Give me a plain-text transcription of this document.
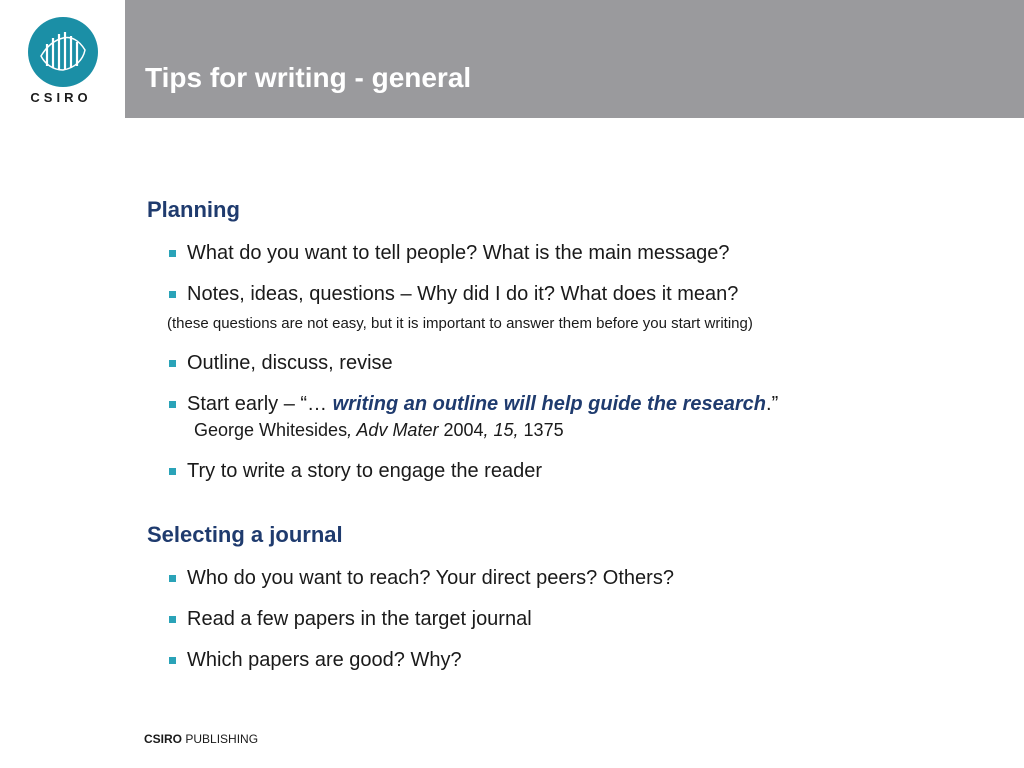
CSIRO
Tips for writing - general
Planning
What do you want to tell people? What is the main message?
Notes, ideas, questions – Why did I do it? What does it mean?
(these questions are not easy, but it is important to answer them before you start writing)
Outline, discuss, revise
Start early – “… writing an outline will help guide the research.”
George Whitesides, Adv Mater 2004, 15, 1375
Try to write a story to engage the reader
Selecting a journal
Who do you want to reach? Your direct peers? Others?
Read a few papers in the target journal
Which papers are good? Why?
CSIRO PUBLISHING
